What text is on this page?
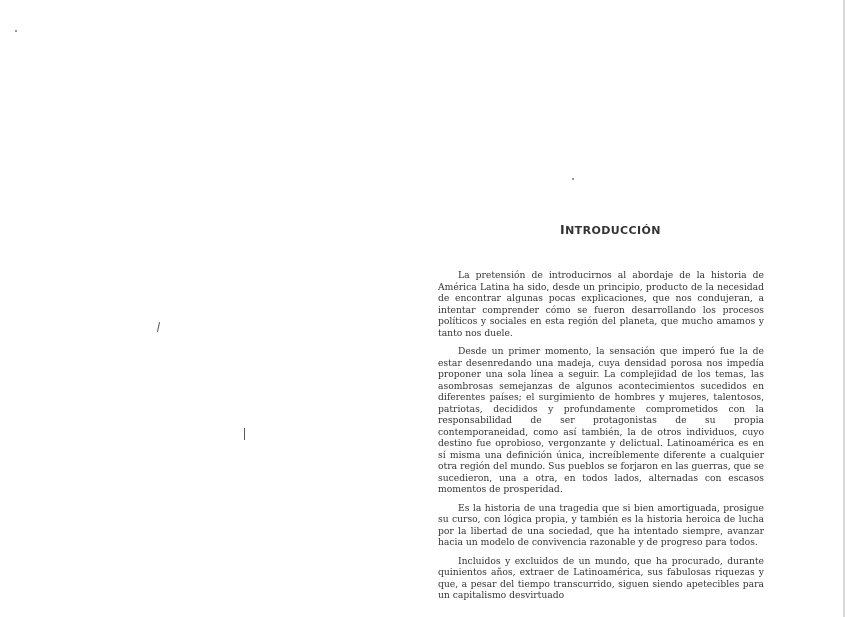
INTRODUCCIÓN

La pretensión de introducirnos al abordaje de la historia de América Latina ha sido, desde un principio, producto de la necesidad de encontrar algunas pocas explicaciones, que nos condujeran, a intentar comprender cómo se fueron desarrollando los procesos políticos y sociales en esta región del planeta, que mucho amamos y tanto nos duele.

Desde un primer momento, la sensación que imperó fue la de estar desenredando una madeja, cuya densidad porosa nos impedía proponer una sola línea a seguir. La complejidad de los temas, las asombrosas semejanzas de algunos acontecimientos sucedidos en diferentes países; el surgimiento de hombres y mujeres, talentosos, patriotas, decididos y profundamente comprometidos con la responsabilidad de ser protagonistas de su propia contemporaneidad, como así también, la de otros individuos, cuyo destino fue oprobioso, vergonzante y delictual. Latinoamérica es en sí misma una definición única, increíblemente diferente a cualquier otra región del mundo. Sus pueblos se forjaron en las guerras, que se sucedieron, una a otra, en todos lados, alternadas con escasos momentos de prosperidad.

Es la historia de una tragedia que si bien amortiguada, prosigue su curso, con lógica propia, y también es la historia heroica de lucha por la libertad de una sociedad, que ha intentado siempre, avanzar hacia un modelo de convivencia razonable y de progreso para todos.

Incluidos y excluidos de un mundo, que ha procurado, durante quinientos años, extraer de Latinoamérica, sus fabulosas riquezas y que, a pesar del tiempo transcurrido, siguen siendo apetecibles para un capitalismo desvirtuado
